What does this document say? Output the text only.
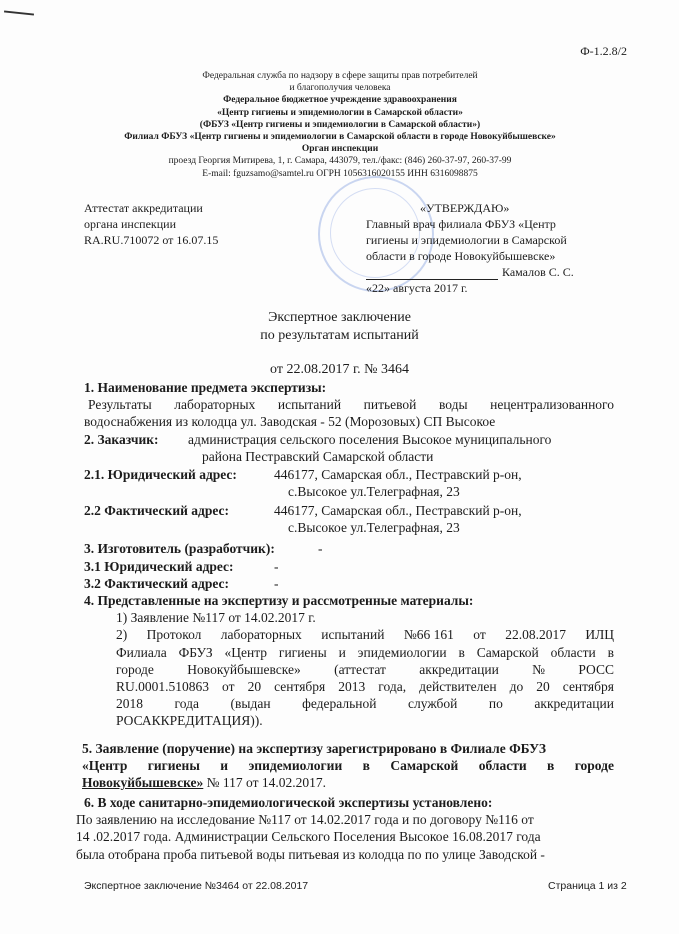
Ф-1.2.8/2
Федеральная служба по надзору в сфере защиты прав потребителей
и благополучия человека
Федеральное бюджетное учреждение здравоохранения
«Центр гигиены и эпидемиологии в Самарской области»
(ФБУЗ «Центр гигиены и эпидемиологии в Самарской области»)
Филиал ФБУЗ «Центр гигиены и эпидемиологии в Самарской области в городе Новокуйбышевске»
Орган инспекции
проезд Георгия Митирева, 1, г. Самара, 443079, тел./факс: (846) 260-37-97, 260-37-99
E-mail: fguzsamo@samtel.ru ОГРН 1056316020155 ИНН 6316098875
Аттестат аккредитации
органа инспекции
RA.RU.710072 от 16.07.15
«УТВЕРЖДАЮ»
Главный врач филиала ФБУЗ «Центр
гигиены и эпидемиологии в Самарской
области в городе Новокуйбышевске»
Камалов С. С.
«22» августа 2017 г.
Экспертное заключение
по результатам испытаний
от 22.08.2017 г. № 3464
1. Наименование предмета экспертизы:
Результаты лабораторных испытаний питьевой воды нецентрализованного
водоснабжения из колодца ул. Заводская - 52 (Морозовых) СП Высокое
2. Заказчик: администрация сельского поселения Высокое муниципального
района Пестравский Самарской области
2.1. Юридический адрес:	446177, Самарская обл., Пестравский р-он,
с.Высокое ул.Телеграфная, 23
2.2 Фактический адрес:	446177, Самарская обл., Пестравский р-он,
с.Высокое ул.Телеграфная, 23
3. Изготовитель (разработчик):	-
3.1 Юридический адрес:	-
3.2 Фактический адрес:	-
4. Представленные на экспертизу и рассмотренные материалы:
1) Заявление №117 от 14.02.2017 г.
2) Протокол лабораторных испытаний №66 161 от 22.08.2017 ИЛЦ
Филиала ФБУЗ «Центр гигиены и эпидемиологии в Самарской области в
городе Новокуйбышевске» (аттестат аккредитации № РОСС
RU.0001.510863 от 20 сентября 2013 года, действителен до 20 сентября
2018 года (выдан федеральной службой по аккредитации
РОСАККРЕДИТАЦИЯ)).
5. Заявление (поручение) на экспертизу зарегистрировано в Филиале ФБУЗ
«Центр гигиены и эпидемиологии в Самарской области в городе
Новокуйбышевске» № 117 от 14.02.2017.
6. В ходе санитарно-эпидемиологической экспертизы установлено:
По заявлению на исследование №117 от 14.02.2017 года и по договору №116 от
14 .02.2017 года. Администрации Сельского Поселения Высокое 16.08.2017 года
была отобрана проба питьевой воды питьевая из колодца по по улице Заводской -
Экспертное заключение №3464 от 22.08.2017	Страница 1 из 2
